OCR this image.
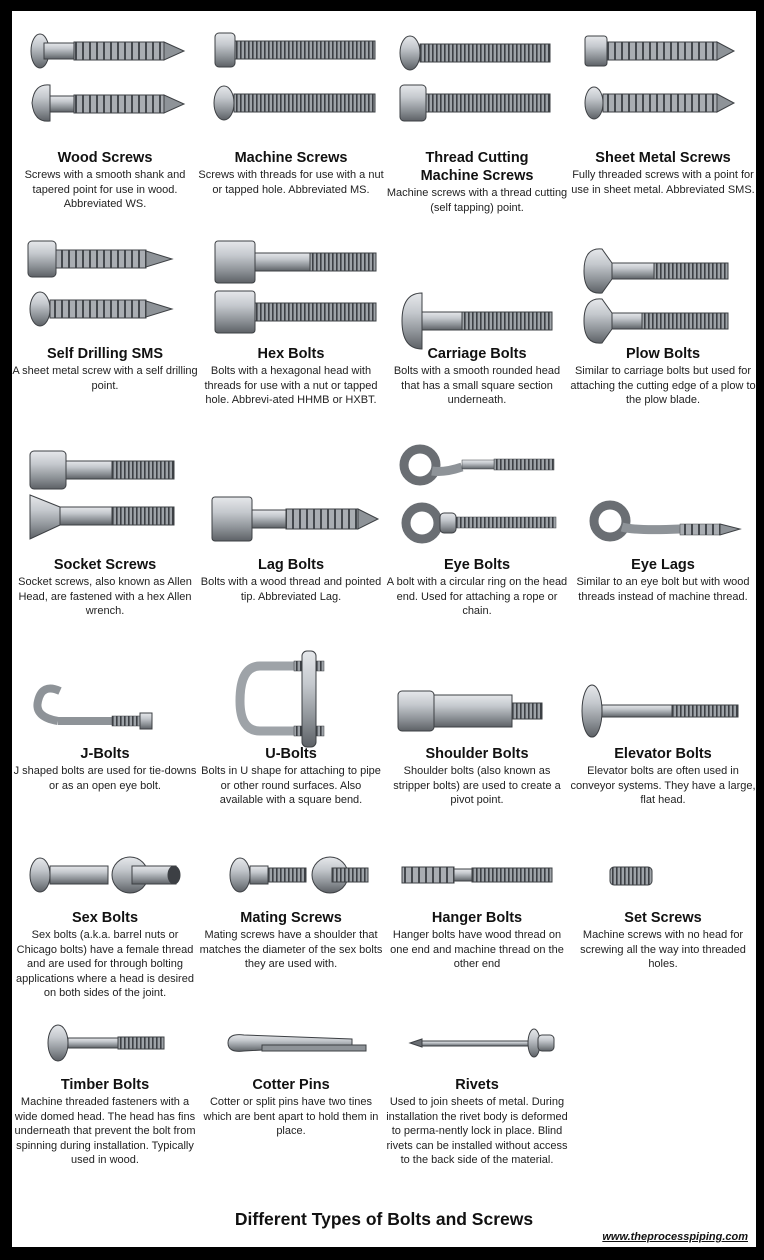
Wood Screws
Screws with a smooth shank and tapered point for use in wood. Abbreviated WS.
Machine Screws
Screws with threads for use with a nut or tapped hole. Abbreviated MS.
Thread Cutting Machine Screws
Machine screws with a thread cutting (self tapping) point.
Sheet Metal Screws
Fully threaded screws with a point for use in sheet metal. Abbreviated SMS.
Self Drilling SMS
A sheet metal screw with a self drilling point.
Hex Bolts
Bolts with a hexagonal head with threads for use with a nut or tapped hole. Abbrevi-ated HHMB or HXBT.
Carriage Bolts
Bolts with a smooth rounded head that has a small square section underneath.
Plow Bolts
Similar to carriage bolts but used for attaching the cutting edge of a plow to the plow blade.
Socket Screws
Socket screws, also known as Allen Head, are fastened with a hex Allen wrench.
Lag Bolts
Bolts with a wood thread and pointed tip. Abbreviated Lag.
Eye Bolts
A bolt with a circular ring on the head end. Used for attaching a rope or chain.
Eye Lags
Similar to an eye bolt but with wood threads instead of machine thread.
J-Bolts
J shaped bolts are used for tie-downs or as an open eye bolt.
U-Bolts
Bolts in U shape for attaching to pipe or other round surfaces. Also available with a square bend.
Shoulder Bolts
Shoulder bolts (also known as stripper bolts) are used to create a pivot point.
Elevator Bolts
Elevator bolts are often used in conveyor systems. They have a large, flat head.
Sex Bolts
Sex bolts (a.k.a. barrel nuts or Chicago bolts) have a female thread and are used for through bolting applications where a head is desired on both sides of the joint.
Mating Screws
Mating screws have a shoulder that matches the diameter of the sex bolts they are used with.
Hanger Bolts
Hanger bolts have wood thread on one end and machine thread on the other end
Set Screws
Machine screws with no head for screwing all the way into threaded holes.
Timber Bolts
Machine threaded fasteners with a wide domed head. The head has fins underneath that prevent the bolt from spinning during installation. Typically used in wood.
Cotter Pins
Cotter or split pins have two tines which are bent apart to hold them in place.
Rivets
Used to join sheets of metal. During installation the rivet body is deformed to perma-nently lock in place. Blind rivets can be installed without access to the back side of the material.
Different Types of Bolts and Screws
www.theprocesspiping.com
